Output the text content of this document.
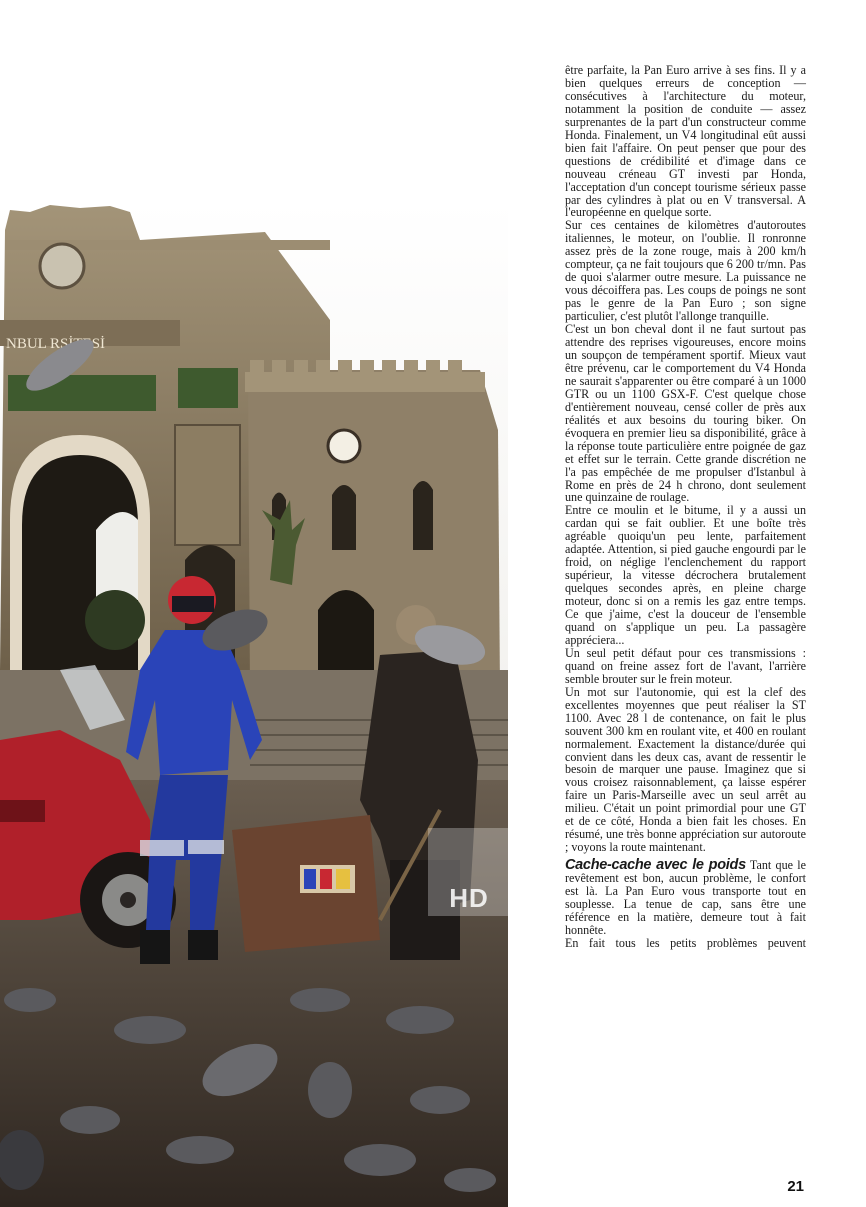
NBUL RSİTESİ
HD

être parfaite, la Pan Euro arrive à ses fins. Il y a bien quelques erreurs de conception — consécutives à l'architecture du moteur, notamment la position de conduite — assez surprenantes de la part d'un constructeur comme Honda. Finalement, un V4 longitudinal eût aussi bien fait l'affaire. On peut penser que pour des questions de crédibilité et d'image dans ce nouveau créneau GT investi par Honda, l'acceptation d'un concept tourisme sérieux passe par des cylindres à plat ou en V transversal. A l'européenne en quelque sorte.

Sur ces centaines de kilomètres d'autoroutes italiennes, le moteur, on l'oublie. Il ronronne assez près de la zone rouge, mais à 200 km/h compteur, ça ne fait toujours que 6 200 tr/mn. Pas de quoi s'alarmer outre mesure. La puissance ne vous décoiffera pas. Les coups de poings ne sont pas le genre de la Pan Euro ; son signe particulier, c'est plutôt l'allonge tranquille.

C'est un bon cheval dont il ne faut surtout pas attendre des reprises vigoureuses, encore moins un soupçon de tempérament sportif. Mieux vaut être prévenu, car le comportement du V4 Honda ne saurait s'apparenter ou être comparé à un 1000 GTR ou un 1100 GSX-F. C'est quelque chose d'entièrement nouveau, censé coller de près aux réalités et aux besoins du touring biker. On évoquera en premier lieu sa disponibilité, grâce à la réponse toute particulière entre poignée de gaz et effet sur le terrain. Cette grande discrétion ne l'a pas empêchée de me propulser d'Istanbul à Rome en près de 24 h chrono, dont seulement une quinzaine de roulage.

Entre ce moulin et le bitume, il y a aussi un cardan qui se fait oublier. Et une boîte très agréable quoiqu'un peu lente, parfaitement adaptée. Attention, si pied gauche engourdi par le froid, on néglige l'enclenchement du rapport supérieur, la vitesse décrochera brutalement quelques secondes après, en pleine charge moteur, donc si on a remis les gaz entre temps. Ce que j'aime, c'est la douceur de l'ensemble quand on s'applique un peu. La passagère appréciera...

Un seul petit défaut pour ces transmissions : quand on freine assez fort de l'avant, l'arrière semble brouter sur le frein moteur.

Un mot sur l'autonomie, qui est la clef des excellentes moyennes que peut réaliser la ST 1100. Avec 28 l de contenance, on fait le plus souvent 300 km en roulant vite, et 400 en roulant normalement. Exactement la distance/durée qui convient dans les deux cas, avant de ressentir le besoin de marquer une pause. Imaginez que si vous croisez raisonnablement, ça laisse espérer faire un Paris-Marseille avec un seul arrêt au milieu. C'était un point primordial pour une GT et de ce côté, Honda a bien fait les choses. En résumé, une très bonne appréciation sur autoroute ; voyons la route maintenant.

Cache-cache avec le poids Tant que le revêtement est bon, aucun problème, le confort est là. La Pan Euro vous transporte tout en souplesse. La tenue de cap, sans être une référence en la matière, demeure tout à fait honnête.

En fait tous les petits problèmes peuvent

21
